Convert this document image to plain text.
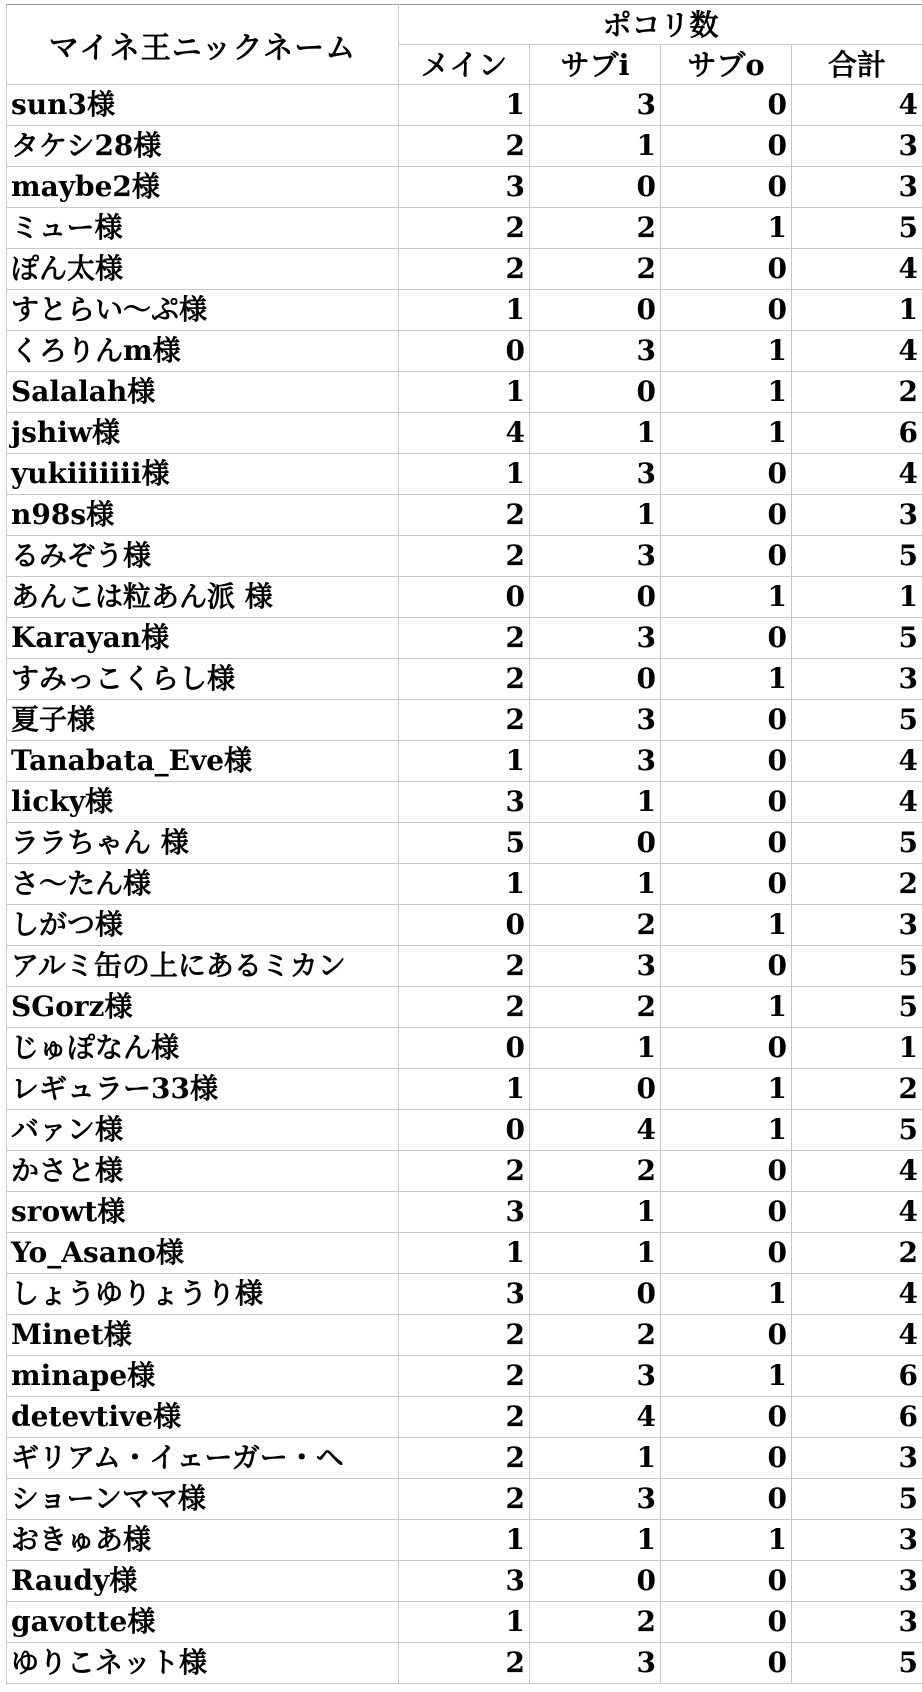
マイネ王ニックネーム	ポコリ数			
	メイン	サブi	サブo	合計
sun3様	1	3	0	4
タケシ28様	2	1	0	3
maybe2様	3	0	0	3
ミュー様	2	2	1	5
ぽん太様	2	2	0	4
すとらい～ぷ様	1	0	0	1
くろりんm様	0	3	1	4
Salalah様	1	0	1	2
jshiw様	4	1	1	6
yukiiiiiii様	1	3	0	4
n98s様	2	1	0	3
るみぞう様	2	3	0	5
あんこは粒あん派 様	0	0	1	1
Karayan様	2	3	0	5
すみっこくらし様	2	0	1	3
夏子様	2	3	0	5
Tanabata_Eve様	1	3	0	4
licky様	3	1	0	4
ララちゃん 様	5	0	0	5
さ～たん様	1	1	0	2
しがつ様	0	2	1	3
アルミ缶の上にあるミカン	2	3	0	5
SGorz様	2	2	1	5
じゅぽなん様	0	1	0	1
レギュラー33様	1	0	1	2
バァン様	0	4	1	5
かさと様	2	2	0	4
srowt様	3	1	0	4
Yo_Asano様	1	1	0	2
しょうゆりょうり様	3	0	1	4
Minet様	2	2	0	4
minape様	2	3	1	6
detevtive様	2	4	0	6
ギリアム・イェーガー・ヘ	2	1	0	3
ショーンママ様	2	3	0	5
おきゅあ様	1	1	1	3
Raudy様	3	0	0	3
gavotte様	1	2	0	3
ゆりこネット様	2	3	0	5
